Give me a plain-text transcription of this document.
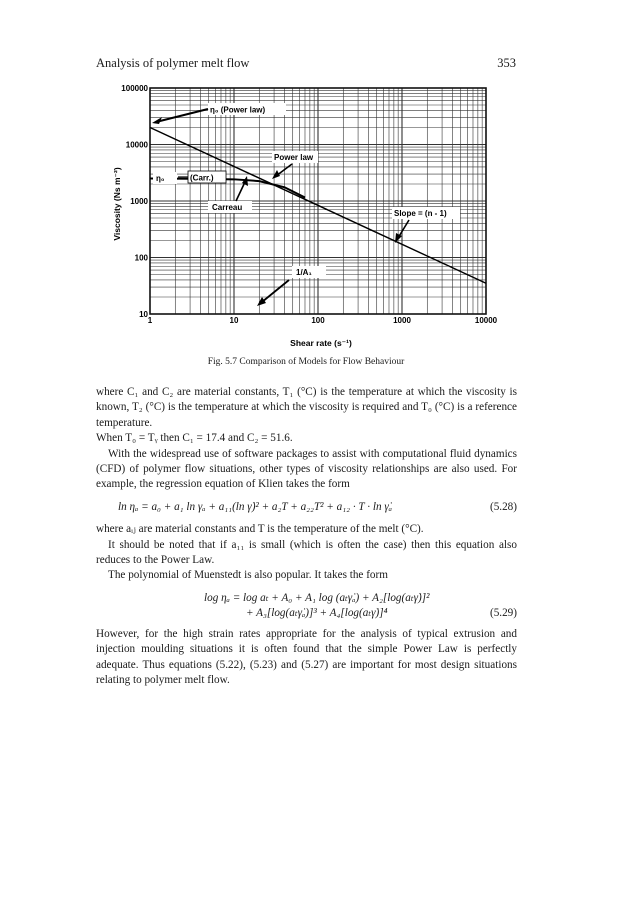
Analysis of polymer melt flow	353
10
100
1000
10000
100000
1	10	100	1000	10000
Shear rate (s⁻¹)
Viscosity (Ns m⁻²)
η₀ (Power law)
η₀	(Carr.)
Carreau
Power law
Slope = (n - 1)
1/A₁
Fig. 5.7 Comparison of Models for Flow Behaviour

where C₁ and C₂ are material constants, T₁ (°C) is the temperature at which the viscosity is known, T₂ (°C) is the temperature at which the viscosity is required and T₀ (°C) is a reference temperature.

When T₀ = Tᵧ then C₁ = 17.4 and C₂ = 51.6.

With the widespread use of software packages to assist with computational fluid dynamics (CFD) of polymer flow situations, other types of viscosity relationships are also used. For example, the regression equation of Klien takes the form

ln ηₐ = a₀ + a₁ ln γₐ + a₁₁(ln γ̇)² + a₂T + a₂₂T² + a₁₂ · T · ln γ̇ₐ	(5.28)

where aᵢⱼ are material constants and T is the temperature of the melt (°C).

It should be noted that if a₁₁ is small (which is often the case) then this equation also reduces to the Power Law.

The polynomial of Muenstedt is also popular. It takes the form

log ηₐ = log aₜ + A₀ + A₁ log (aₜγ̇ₐ) + A₂[log(aₜγ̇)]²
+ A₃[log(aₜγ̇ₐ)]³ + A₄[log(aₜγ̇)]⁴	(5.29)

However, for the high strain rates appropriate for the analysis of typical extrusion and injection moulding situations it is often found that the simple Power Law is perfectly adequate. Thus equations (5.22), (5.23) and (5.27) are important for most design situations relating to polymer melt flow.
